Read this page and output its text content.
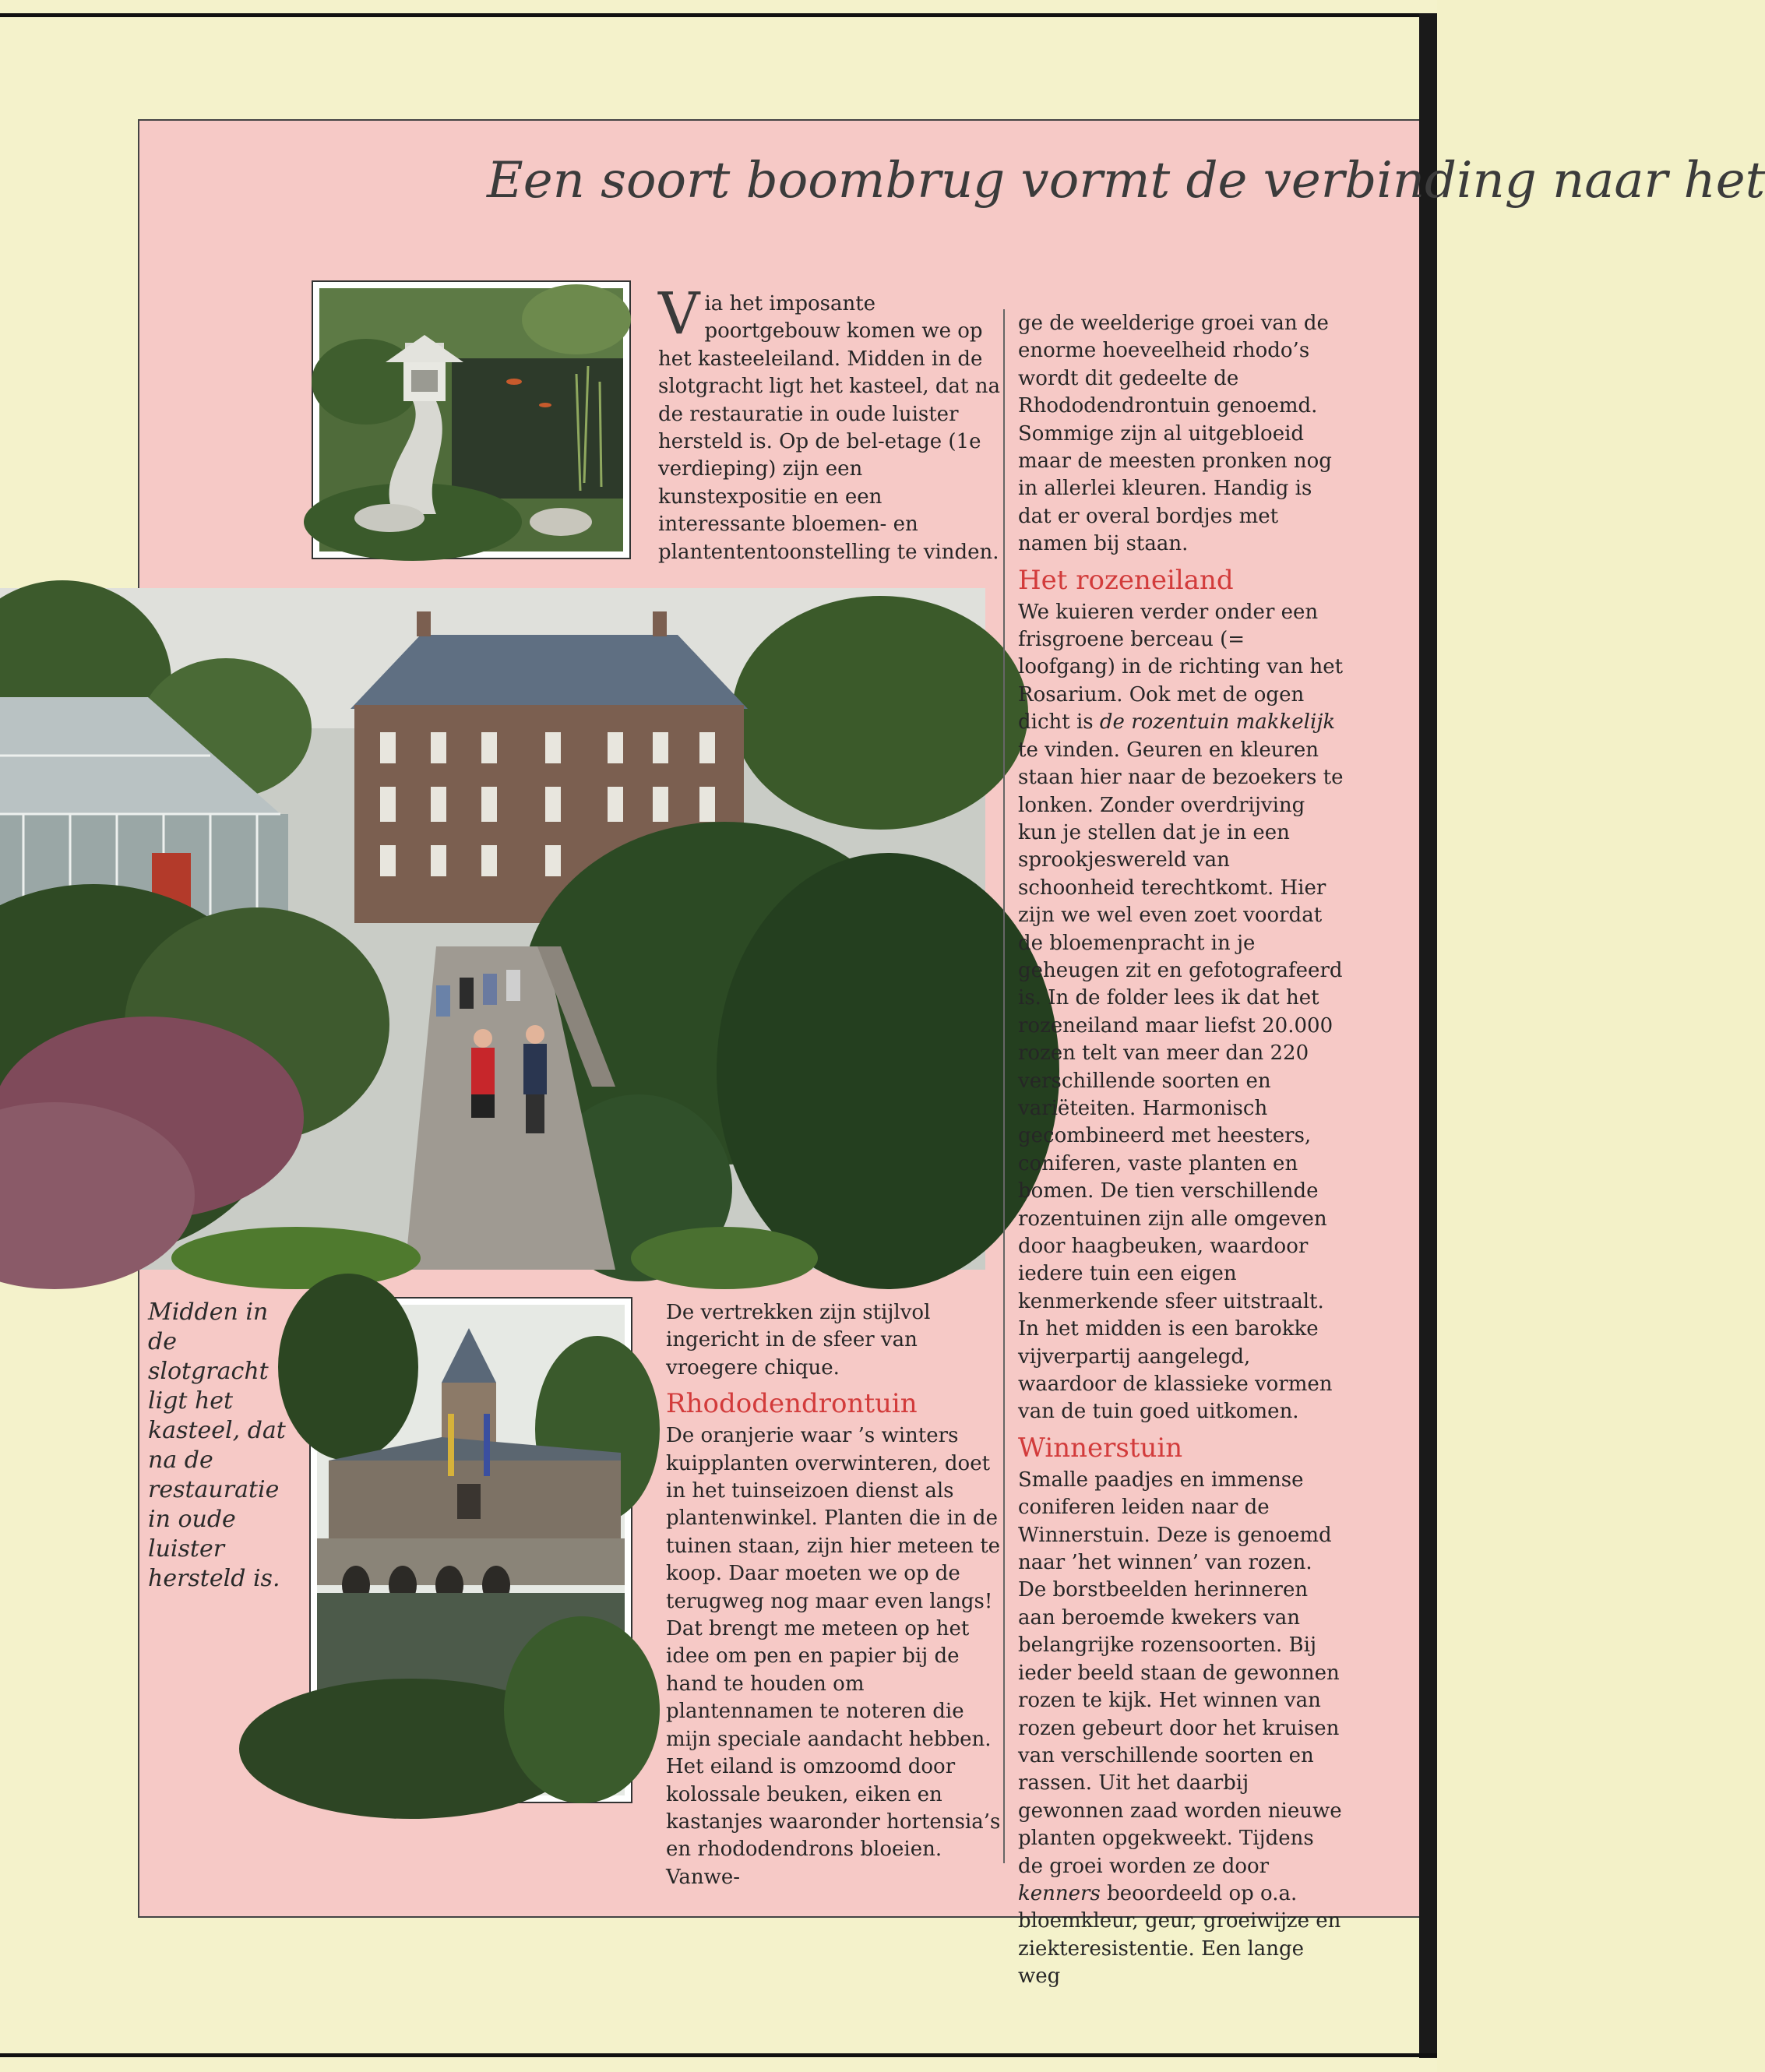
Een soort boombrug vormt de verbinding naar het
Midden in de slotgracht ligt het kasteel, dat na de restauratie in oude luister hersteld is.

Via het imposante poortgebouw komen we op het kasteeleiland. Midden in de slotgracht ligt het kasteel, dat na de restauratie in oude luister hersteld is. Op de bel-etage (1e verdieping) zijn een kunstexpositie en een interessante bloemen- en plantententoonstelling te vinden.

De vertrekken zijn stijlvol ingericht in de sfeer van vroegere chique.

Rhododendrontuin

De oranjerie waar ’s winters kuipplanten overwinteren, doet in het tuinseizoen dienst als plantenwinkel. Planten die in de tuinen staan, zijn hier meteen te koop. Daar moeten we op de terugweg nog maar even langs! Dat brengt me meteen op het idee om pen en papier bij de hand te houden om plantennamen te noteren die mijn speciale aandacht hebben.

Het eiland is omzoomd door kolossale beuken, eiken en kastanjes waaronder hortensia’s en rhododendrons bloeien. Vanwe-

ge de weelderige groei van de enorme hoeveelheid rhodo’s wordt dit gedeelte de Rhododendrontuin genoemd. Sommige zijn al uitgebloeid maar de meesten pronken nog in allerlei kleuren. Handig is dat er overal bordjes met namen bij staan.

Het rozeneiland

We kuieren verder onder een frisgroene berceau (= loofgang) in de richting van het Rosarium. Ook met de ogen dicht is de rozentuin makkelijk te vinden. Geuren en kleuren staan hier naar de bezoekers te lonken. Zonder overdrijving kun je stellen dat je in een sprookjeswereld van schoonheid terechtkomt. Hier zijn we wel even zoet voordat de bloemenpracht in je geheugen zit en gefotografeerd is. In de folder lees ik dat het rozeneiland maar liefst 20.000 rozen telt van meer dan 220 verschillende soorten en variëteiten. Harmonisch gecombineerd met heesters, coniferen, vaste planten en bomen. De tien verschillende rozentuinen zijn alle omgeven door haagbeuken, waardoor iedere tuin een eigen kenmerkende sfeer uitstraalt. In het midden is een barokke vijverpartij aangelegd, waardoor de klassieke vormen van de tuin goed uitkomen.

Winnerstuin

Smalle paadjes en immense coniferen leiden naar de Winnerstuin. Deze is genoemd naar ’het winnen’ van rozen. De borstbeelden herinneren aan beroemde kwekers van belangrijke rozensoorten. Bij ieder beeld staan de gewonnen rozen te kijk. Het winnen van rozen gebeurt door het kruisen van verschillende soorten en rassen. Uit het daarbij gewonnen zaad worden nieuwe planten opgekweekt. Tijdens de groei worden ze door kenners beoordeeld op o.a. bloemkleur, geur, groeiwijze en ziekteresistentie. Een lange weg
